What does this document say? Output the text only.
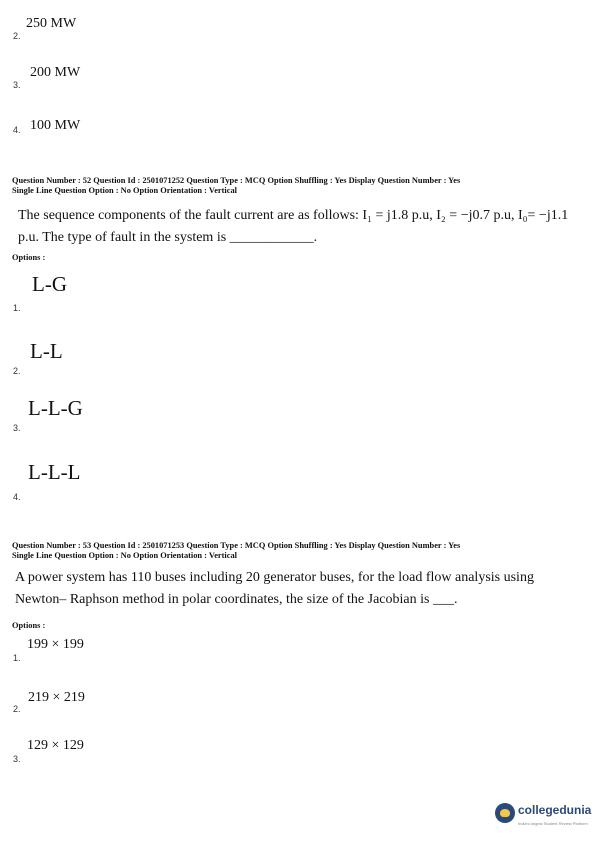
250 MW
2.
200 MW
3.
4. 100 MW
Question Number : 52 Question Id : 2501071252 Question Type : MCQ Option Shuffling : Yes Display Question Number : Yes
Single Line Question Option : No Option Orientation : Vertical
The sequence components of the fault current are as follows: I₁ = j1.8 p.u, I₂ = −j0.7 p.u, I₀= −j1.1 p.u. The type of fault in the system is ____________.
Options :
L-G
1.
L-L
2.
L-L-G
3.
L-L-L
4.
Question Number : 53 Question Id : 2501071253 Question Type : MCQ Option Shuffling : Yes Display Question Number : Yes
Single Line Question Option : No Option Orientation : Vertical
A power system has 110 buses including 20 generator buses, for the load flow analysis using Newton– Raphson method in polar coordinates, the size of the Jacobian is ___.
Options :
199 × 199
1.
2.
219 × 219
129 × 129
3.
collegedunia
India's largest Student Review Platform
